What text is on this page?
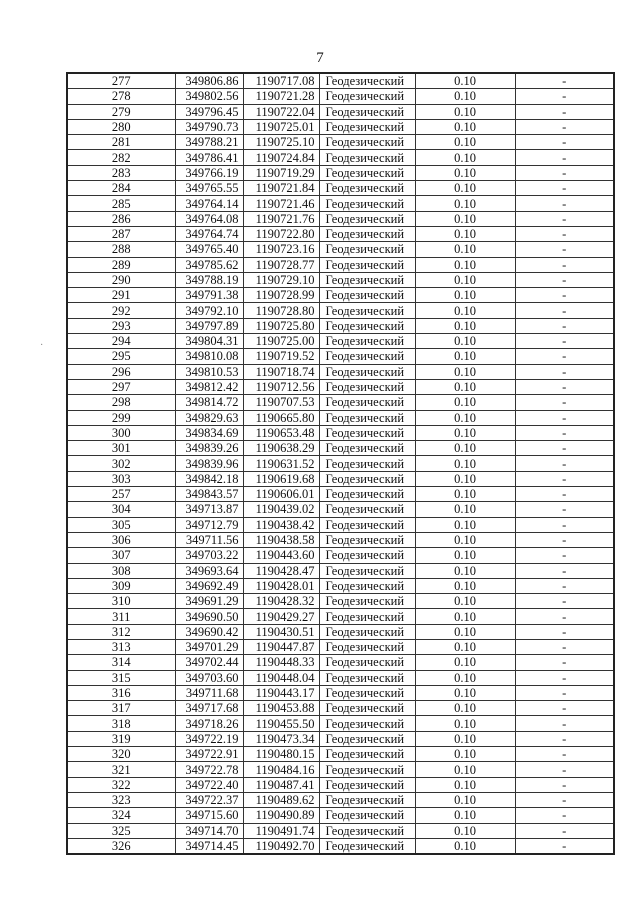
7
277	349806.86	1190717.08	Геодезический	0.10	-
278	349802.56	1190721.28	Геодезический	0.10	-
279	349796.45	1190722.04	Геодезический	0.10	-
280	349790.73	1190725.01	Геодезический	0.10	-
281	349788.21	1190725.10	Геодезический	0.10	-
282	349786.41	1190724.84	Геодезический	0.10	-
283	349766.19	1190719.29	Геодезический	0.10	-
284	349765.55	1190721.84	Геодезический	0.10	-
285	349764.14	1190721.46	Геодезический	0.10	-
286	349764.08	1190721.76	Геодезический	0.10	-
287	349764.74	1190722.80	Геодезический	0.10	-
288	349765.40	1190723.16	Геодезический	0.10	-
289	349785.62	1190728.77	Геодезический	0.10	-
290	349788.19	1190729.10	Геодезический	0.10	-
291	349791.38	1190728.99	Геодезический	0.10	-
292	349792.10	1190728.80	Геодезический	0.10	-
293	349797.89	1190725.80	Геодезический	0.10	-
294	349804.31	1190725.00	Геодезический	0.10	-
295	349810.08	1190719.52	Геодезический	0.10	-
296	349810.53	1190718.74	Геодезический	0.10	-
297	349812.42	1190712.56	Геодезический	0.10	-
298	349814.72	1190707.53	Геодезический	0.10	-
299	349829.63	1190665.80	Геодезический	0.10	-
300	349834.69	1190653.48	Геодезический	0.10	-
301	349839.26	1190638.29	Геодезический	0.10	-
302	349839.96	1190631.52	Геодезический	0.10	-
303	349842.18	1190619.68	Геодезический	0.10	-
257	349843.57	1190606.01	Геодезический	0.10	-
304	349713.87	1190439.02	Геодезический	0.10	-
305	349712.79	1190438.42	Геодезический	0.10	-
306	349711.56	1190438.58	Геодезический	0.10	-
307	349703.22	1190443.60	Геодезический	0.10	-
308	349693.64	1190428.47	Геодезический	0.10	-
309	349692.49	1190428.01	Геодезический	0.10	-
310	349691.29	1190428.32	Геодезический	0.10	-
311	349690.50	1190429.27	Геодезический	0.10	-
312	349690.42	1190430.51	Геодезический	0.10	-
313	349701.29	1190447.87	Геодезический	0.10	-
314	349702.44	1190448.33	Геодезический	0.10	-
315	349703.60	1190448.04	Геодезический	0.10	-
316	349711.68	1190443.17	Геодезический	0.10	-
317	349717.68	1190453.88	Геодезический	0.10	-
318	349718.26	1190455.50	Геодезический	0.10	-
319	349722.19	1190473.34	Геодезический	0.10	-
320	349722.91	1190480.15	Геодезический	0.10	-
321	349722.78	1190484.16	Геодезический	0.10	-
322	349722.40	1190487.41	Геодезический	0.10	-
323	349722.37	1190489.62	Геодезический	0.10	-
324	349715.60	1190490.89	Геодезический	0.10	-
325	349714.70	1190491.74	Геодезический	0.10	-
326	349714.45	1190492.70	Геодезический	0.10	-
·
